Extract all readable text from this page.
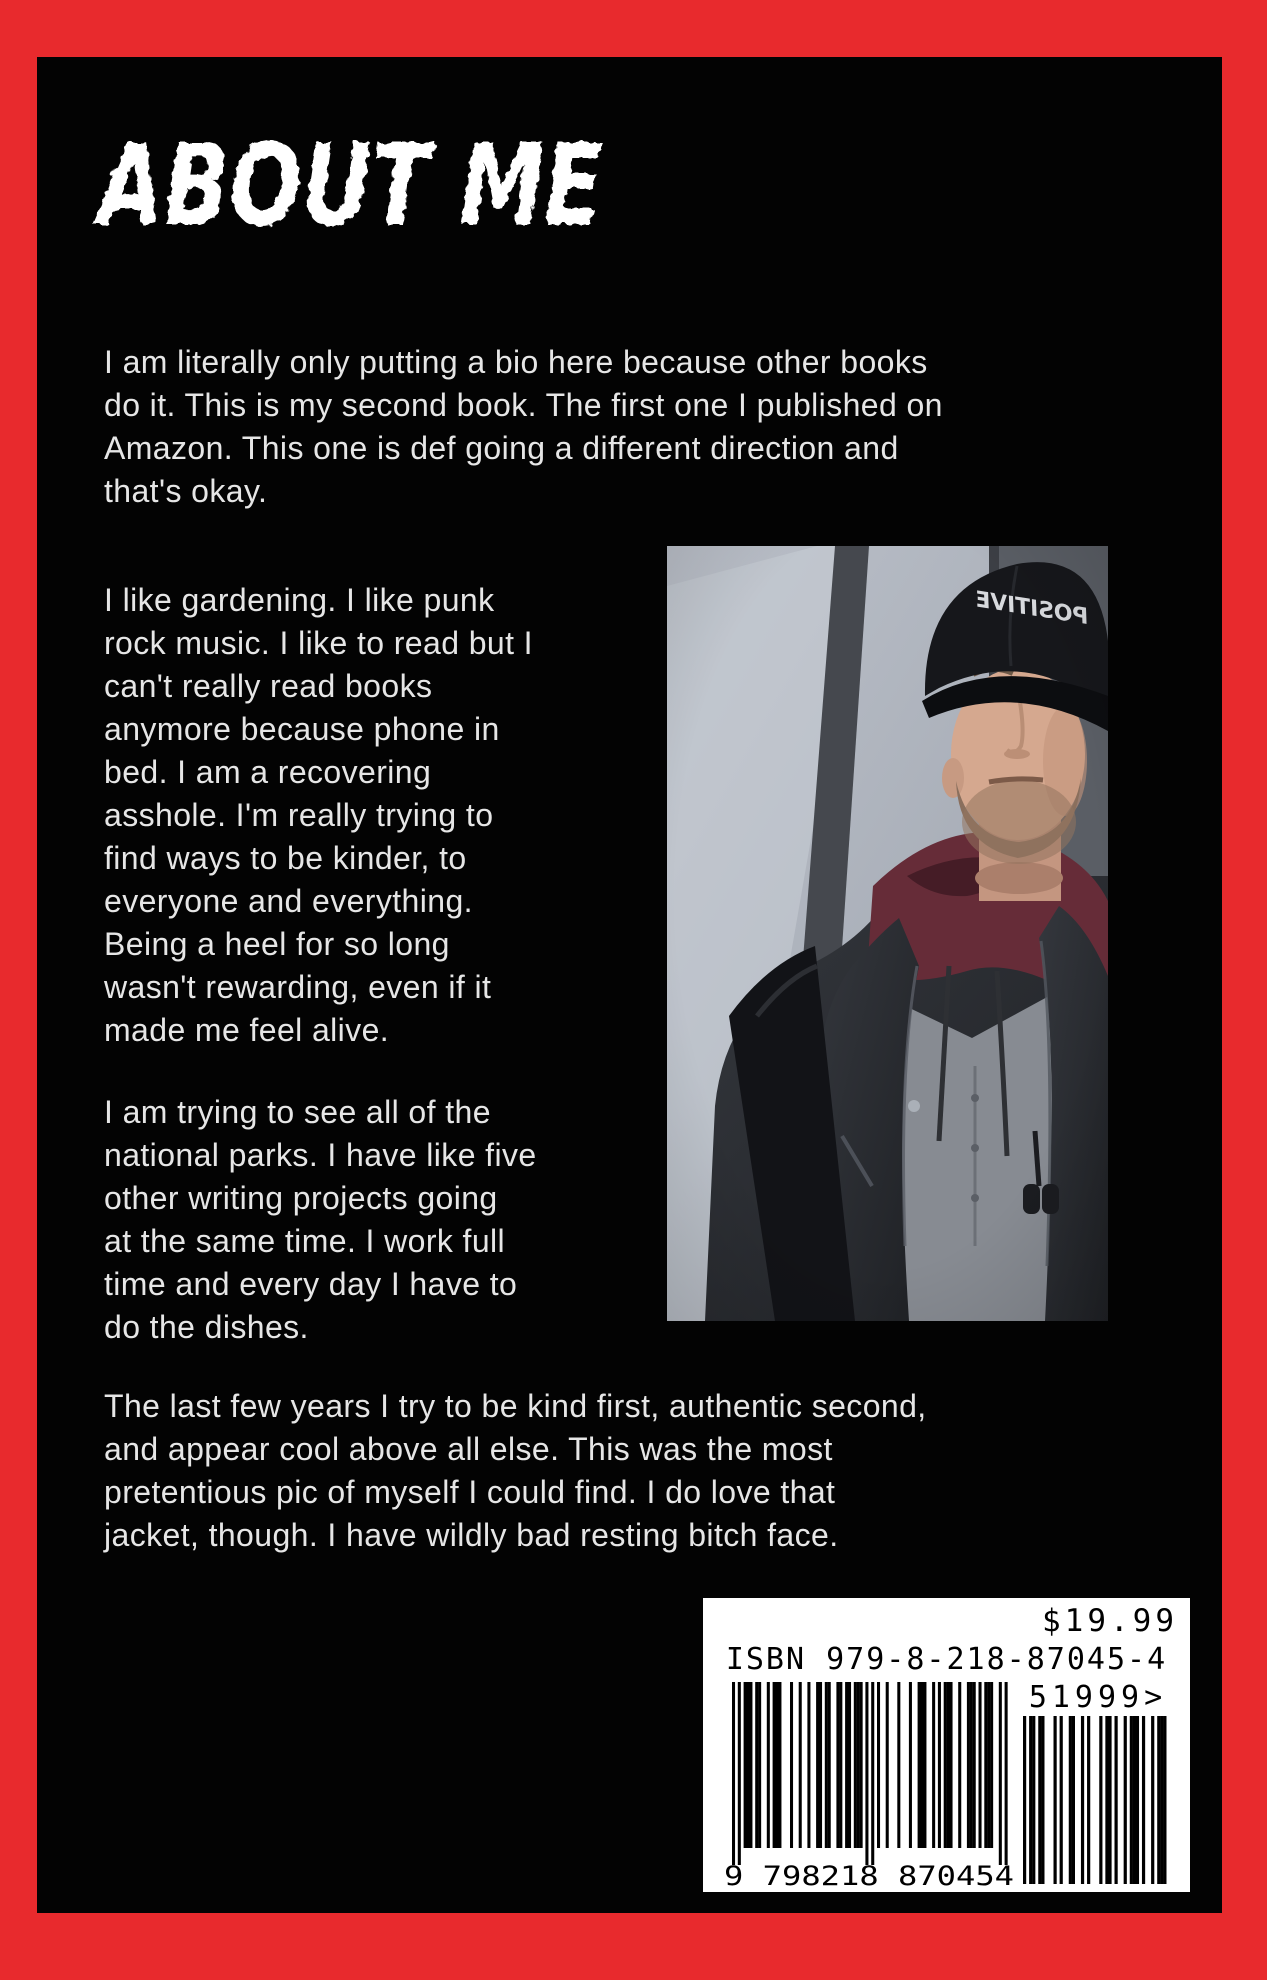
ABOUT ME
I am literally only putting a bio here because other books
do it. This is my second book. The first one I published on
Amazon. This one is def going a different direction and
that's okay.
I like gardening. I like punk
rock music. I like to read but I
can't really read books
anymore because phone in
bed. I am a recovering
asshole. I'm really trying to
find ways to be kinder, to
everyone and everything.
Being a heel for so long
wasn't rewarding, even if it
made me feel alive.
I am trying to see all of the
national parks. I have like five
other writing projects going
at the same time. I work full
time and every day I have to
do the dishes.
The last few years I try to be kind first, authentic second,
and appear cool above all else. This was the most
pretentious pic of myself I could find. I do love that
jacket, though. I have wildly bad resting bitch face.
$19.99
ISBN 979-8-218-87045-4
9 798218 870454
51999>
